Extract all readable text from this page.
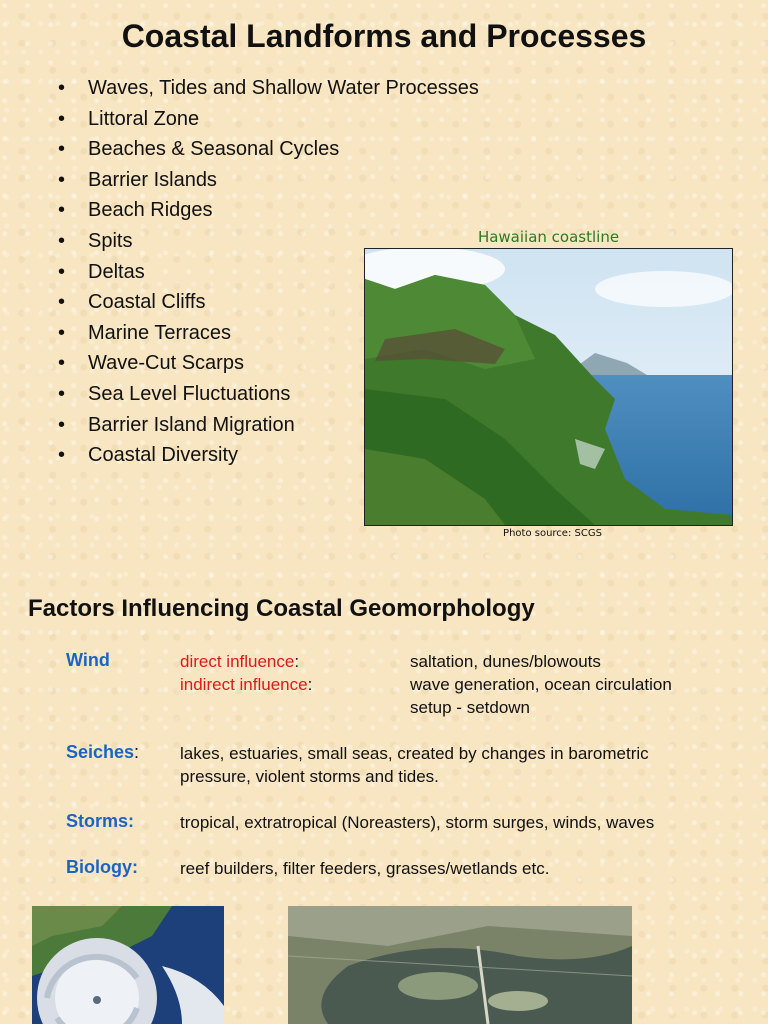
Coastal Landforms and Processes
• Waves, Tides and Shallow Water Processes
• Littoral Zone
• Beaches & Seasonal Cycles
• Barrier Islands
• Beach Ridges
• Spits
• Deltas
• Coastal Cliffs
• Marine Terraces
• Wave-Cut Scarps
• Sea Level Fluctuations
• Barrier Island Migration
• Coastal Diversity
Hawaiian coastline
Photo source: SCGS
Factors Influencing Coastal Geomorphology
Wind	direct influence:	saltation, dunes/blowouts
indirect influence:	wave generation, ocean circulation
setup - setdown
Seiches: lakes, estuaries, small seas, created by changes in barometric
pressure, violent storms and tides.
Storms:	tropical, extratropical (Noreasters), storm surges, winds, waves
Biology: reef builders, filter feeders, grasses/wetlands etc.
